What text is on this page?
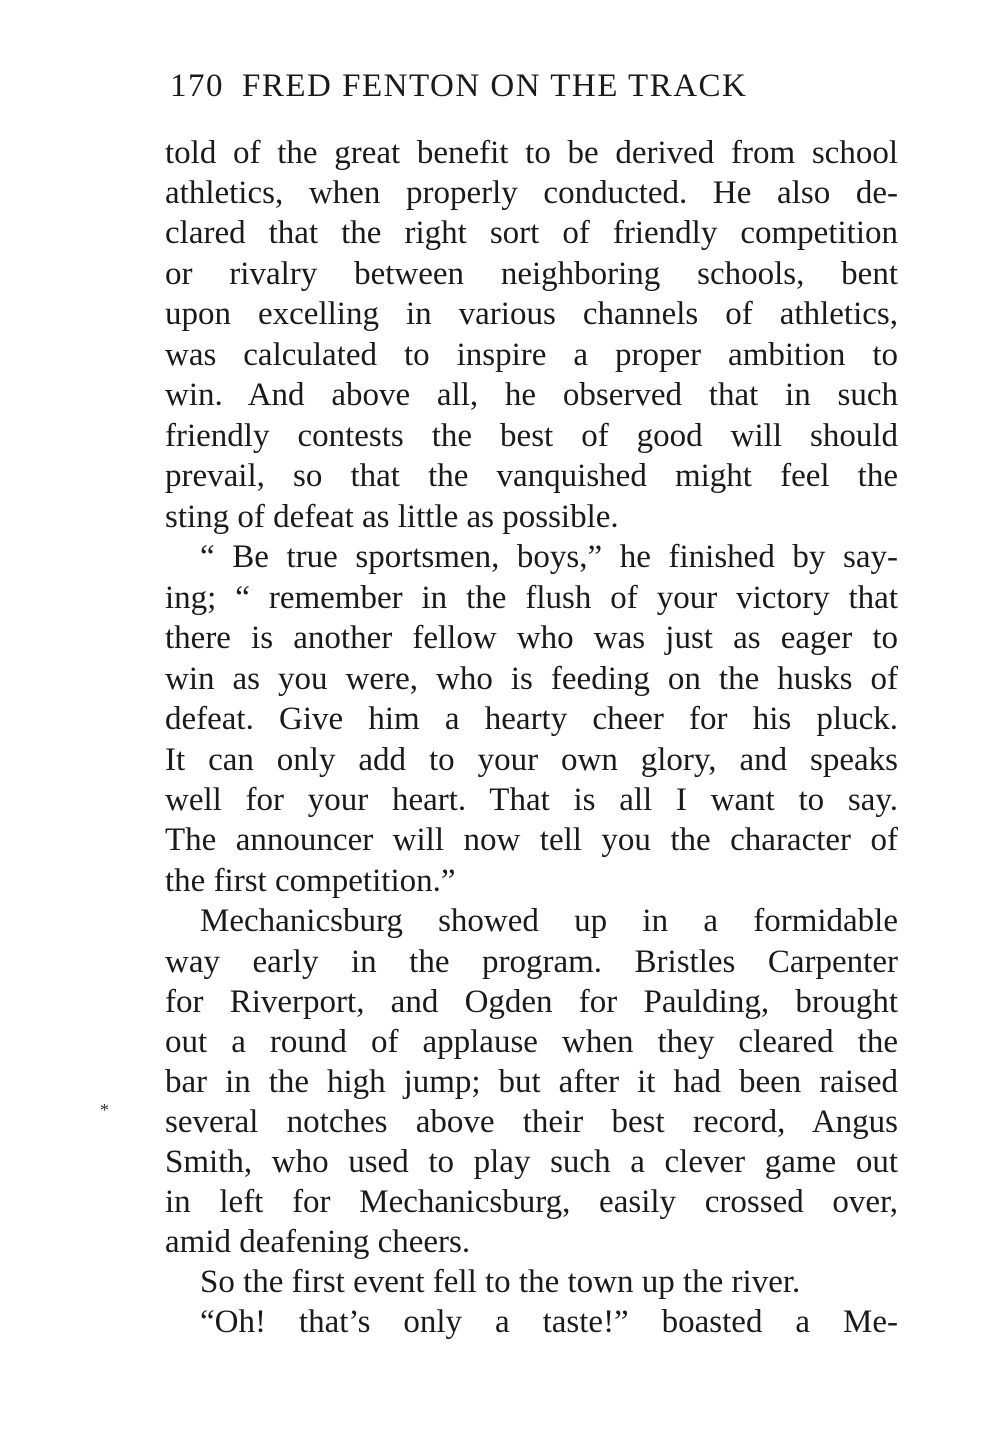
170 FRED FENTON ON THE TRACK
told of the great benefit to be derived from school
athletics, when properly conducted. He also de-
clared that the right sort of friendly competition
or rivalry between neighboring schools, bent
upon excelling in various channels of athletics,
was calculated to inspire a proper ambition to
win. And above all, he observed that in such
friendly contests the best of good will should
prevail, so that the vanquished might feel the
sting of defeat as little as possible.
“ Be true sportsmen, boys,” he finished by say-
ing; “ remember in the flush of your victory that
there is another fellow who was just as eager to
win as you were, who is feeding on the husks of
defeat. Give him a hearty cheer for his pluck.
It can only add to your own glory, and speaks
well for your heart. That is all I want to say.
The announcer will now tell you the character of
the first competition.”
Mechanicsburg showed up in a formidable
way early in the program. Bristles Carpenter
for Riverport, and Ogden for Paulding, brought
out a round of applause when they cleared the
bar in the high jump; but after it had been raised
several notches above their best record, Angus
Smith, who used to play such a clever game out
in left for Mechanicsburg, easily crossed over,
amid deafening cheers.
So the first event fell to the town up the river.
“Oh! that’s only a taste!” boasted a Me-
*
